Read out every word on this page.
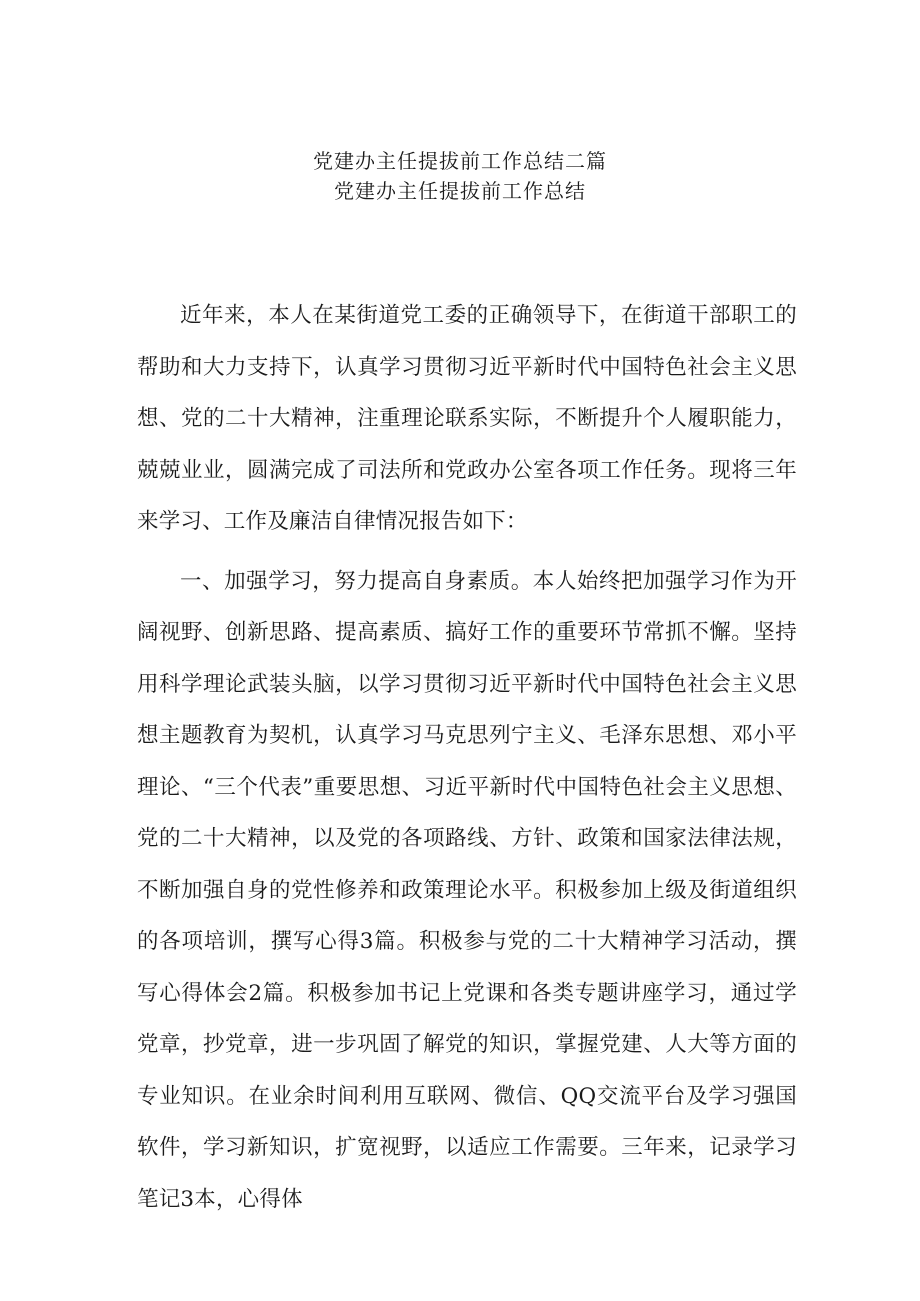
党建办主任提拔前工作总结二篇

党建办主任提拔前工作总结

近年来，本人在某街道党工委的正确领导下，在街道干部职工的帮助和大力支持下，认真学习贯彻习近平新时代中国特色社会主义思想、党的二十大精神，注重理论联系实际，不断提升个人履职能力，兢兢业业，圆满完成了司法所和党政办公室各项工作任务。现将三年来学习、工作及廉洁自律情况报告如下：

一、加强学习，努力提高自身素质。本人始终把加强学习作为开阔视野、创新思路、提高素质、搞好工作的重要环节常抓不懈。坚持用科学理论武装头脑，以学习贯彻习近平新时代中国特色社会主义思想主题教育为契机，认真学习马克思列宁主义、毛泽东思想、邓小平理论、“三个代表”重要思想、习近平新时代中国特色社会主义思想、党的二十大精神，以及党的各项路线、方针、政策和国家法律法规，不断加强自身的党性修养和政策理论水平。积极参加上级及街道组织的各项培训，撰写心得3篇。积极参与党的二十大精神学习活动，撰写心得体会2篇。积极参加书记上党课和各类专题讲座学习，通过学党章，抄党章，进一步巩固了解党的知识，掌握党建、人大等方面的专业知识。在业余时间利用互联网、微信、QQ交流平台及学习强国软件，学习新知识，扩宽视野，以适应工作需要。三年来，记录学习笔记3本，心得体
